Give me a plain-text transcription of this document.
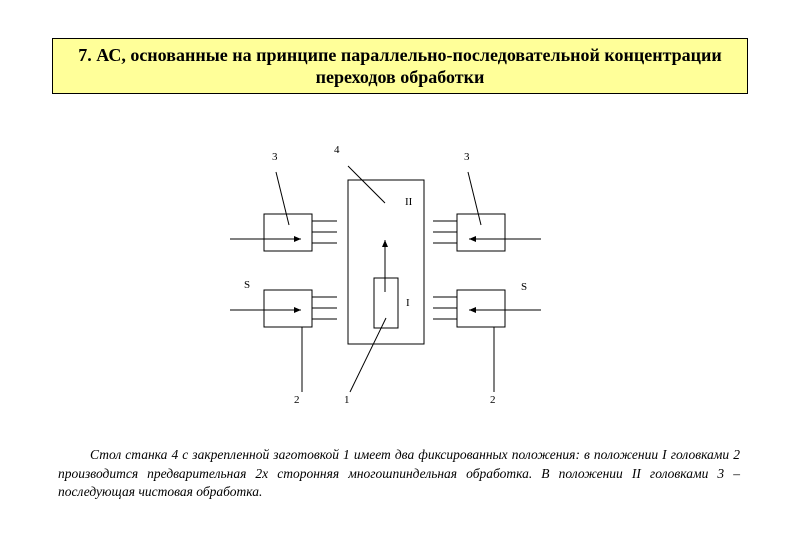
7. АС, основанные на принципе параллельно-последовательной концентрации переходов обработки
3
4
3
II
S	S
I
2	1	2

Стол станка 4 с закрепленной заготовкой 1 имеет два фиксированных положения: в положении I головками 2 производится предварительная 2х сторонняя многошпиндельная обработка. В положении II головками 3 – последующая чистовая обработка.
